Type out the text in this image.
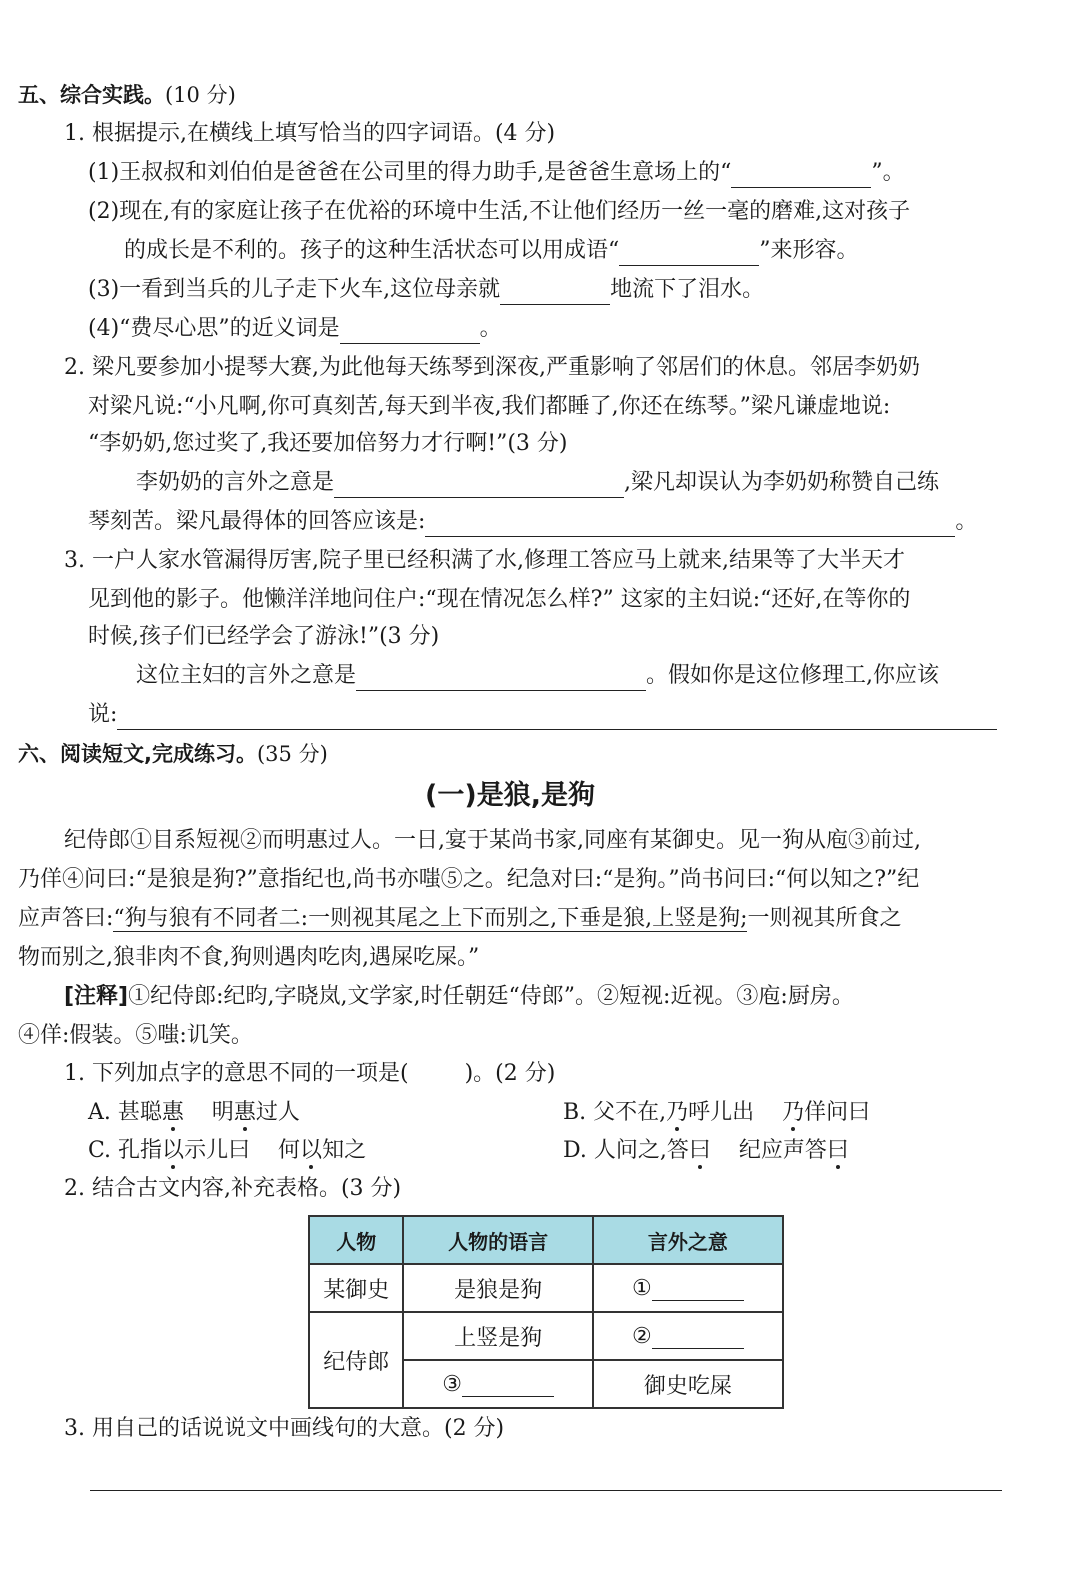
五、综合实践。(10 分)
1. 根据提示,在横线上填写恰当的四字词语。(4 分)
(1)王叔叔和刘伯伯是爸爸在公司里的得力助手,是爸爸生意场上的“	”。
(2)现在,有的家庭让孩子在优裕的环境中生活,不让他们经历一丝一毫的磨难,这对孩子
的成长是不利的。孩子的这种生活状态可以用成语“	”来形容。
(3)一看到当兵的儿子走下火车,这位母亲就	地流下了泪水。
(4)“费尽心思”的近义词是	。
2. 梁凡要参加小提琴大赛,为此他每天练琴到深夜,严重影响了邻居们的休息。邻居李奶奶
对梁凡说:“小凡啊,你可真刻苦,每天到半夜,我们都睡了,你还在练琴。”梁凡谦虚地说:
“李奶奶,您过奖了,我还要加倍努力才行啊!”(3 分)
李奶奶的言外之意是	,梁凡却误认为李奶奶称赞自己练
琴刻苦。梁凡最得体的回答应该是:	。
3. 一户人家水管漏得厉害,院子里已经积满了水,修理工答应马上就来,结果等了大半天才
见到他的影子。他懒洋洋地问住户:“现在情况怎么样?” 这家的主妇说:“还好,在等你的
时候,孩子们已经学会了游泳!”(3 分)
这位主妇的言外之意是	。假如你是这位修理工,你应该
说:
六、阅读短文,完成练习。(35 分)
(一)是狼,是狗
纪侍郎①目系短视②而明惠过人。一日,宴于某尚书家,同座有某御史。见一狗从庖③前过,
乃佯④问曰:“是狼是狗?”意指纪也,尚书亦嗤⑤之。纪急对曰:“是狗。”尚书问曰:“何以知之?”纪
应声答曰:“狗与狼有不同者二:一则视其尾之上下而别之,下垂是狼,上竖是狗;一则视其所食之
物而别之,狼非肉不食,狗则遇肉吃肉,遇屎吃屎。”
[注释]①纪侍郎:纪昀,字晓岚,文学家,时任朝廷“侍郎”。②短视:近视。③庖:厨房。
④佯:假装。⑤嗤:讥笑。
1. 下列加点字的意思不同的一项是(	)。(2 分)
A. 甚聪惠    明惠过人	B. 父不在,乃呼儿出    乃佯问曰
C. 孔指以示儿曰    何以知之	D. 人问之,答曰    纪应声答曰
2. 结合古文内容,补充表格。(3 分)
人物	人物的语言	言外之意
某御史	是狼是狗	①
纪侍郎	上竖是狗	②
	③	御史吃屎
3. 用自己的话说说文中画线句的大意。(2 分)
